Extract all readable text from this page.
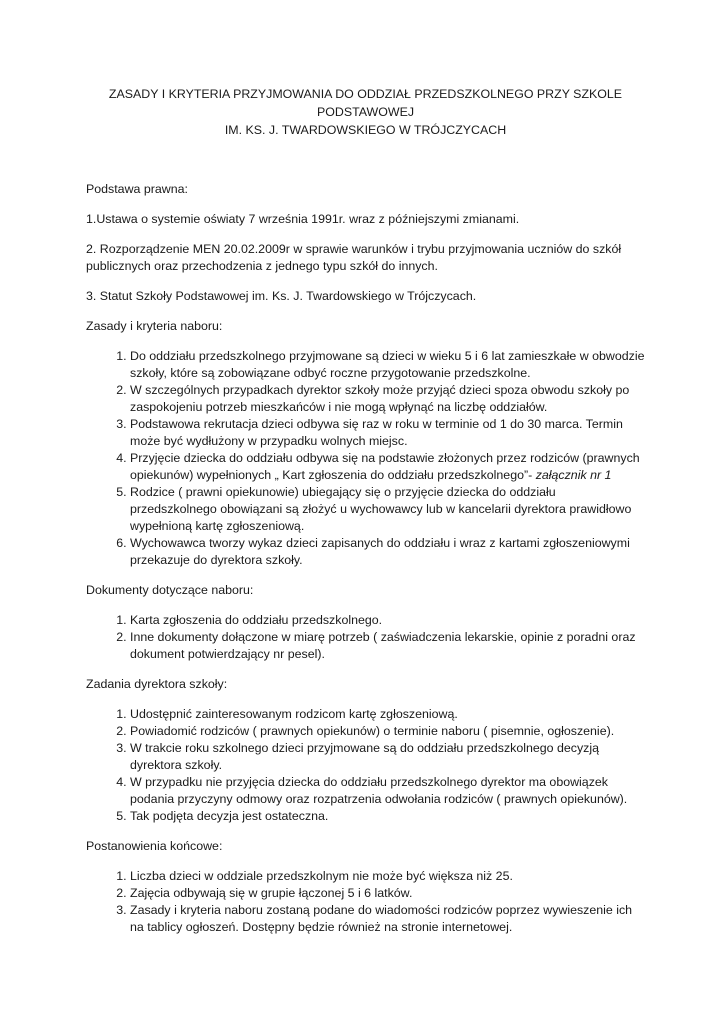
ZASADY I KRYTERIA PRZYJMOWANIA DO ODDZIAŁ PRZEDSZKOLNEGO PRZY SZKOLE PODSTAWOWEJ
IM. KS. J. TWARDOWSKIEGO W TRÓJCZYCACH

Podstawa prawna:

1.Ustawa o systemie oświaty 7 września 1991r. wraz z późniejszymi zmianami.

2. Rozporządzenie MEN 20.02.2009r w sprawie warunków i trybu przyjmowania uczniów do szkół publicznych oraz przechodzenia z jednego typu szkół do innych.

3. Statut Szkoły Podstawowej im. Ks. J. Twardowskiego w Trójczycach.

Zasady i kryteria naboru:

1. Do oddziału przedszkolnego przyjmowane są dzieci w wieku 5 i 6 lat zamieszkałe w obwodzie szkoły, które są zobowiązane odbyć roczne przygotowanie przedszkolne.
2. W szczególnych przypadkach dyrektor szkoły może przyjąć dzieci spoza obwodu szkoły po zaspokojeniu potrzeb mieszkańców i nie mogą wpłynąć na liczbę oddziałów.
3. Podstawowa rekrutacja dzieci odbywa się raz w roku w terminie od 1 do 30 marca. Termin może być wydłużony w przypadku wolnych miejsc.
4. Przyjęcie dziecka do oddziału odbywa się na podstawie złożonych przez rodziców (prawnych opiekunów) wypełnionych „ Kart zgłoszenia do oddziału przedszkolnego”- załącznik nr 1
5. Rodzice ( prawni opiekunowie) ubiegający się o przyjęcie dziecka do oddziału przedszkolnego obowiązani są złożyć u wychowawcy lub w kancelarii dyrektora prawidłowo wypełnioną kartę zgłoszeniową.
6. Wychowawca tworzy wykaz dzieci zapisanych do oddziału i wraz z kartami zgłoszeniowymi przekazuje do dyrektora szkoły.

Dokumenty dotyczące naboru:

1. Karta zgłoszenia do oddziału przedszkolnego.
2. Inne dokumenty dołączone w miarę potrzeb ( zaświadczenia lekarskie, opinie z poradni oraz dokument potwierdzający nr pesel).

Zadania dyrektora szkoły:

1. Udostępnić zainteresowanym rodzicom kartę zgłoszeniową.
2. Powiadomić rodziców ( prawnych opiekunów) o terminie naboru ( pisemnie, ogłoszenie).
3. W trakcie roku szkolnego dzieci przyjmowane są do oddziału przedszkolnego decyzją dyrektora szkoły.
4. W przypadku nie przyjęcia dziecka do oddziału przedszkolnego dyrektor ma obowiązek podania przyczyny odmowy oraz rozpatrzenia odwołania rodziców ( prawnych opiekunów).
5. Tak podjęta decyzja jest ostateczna.

Postanowienia końcowe:

1. Liczba dzieci w oddziale przedszkolnym nie może być większa niż 25.
2. Zajęcia odbywają się w grupie łączonej 5 i 6 latków.
3. Zasady i kryteria naboru zostaną podane do wiadomości rodziców poprzez wywieszenie ich na tablicy ogłoszeń. Dostępny będzie również na stronie internetowej.
